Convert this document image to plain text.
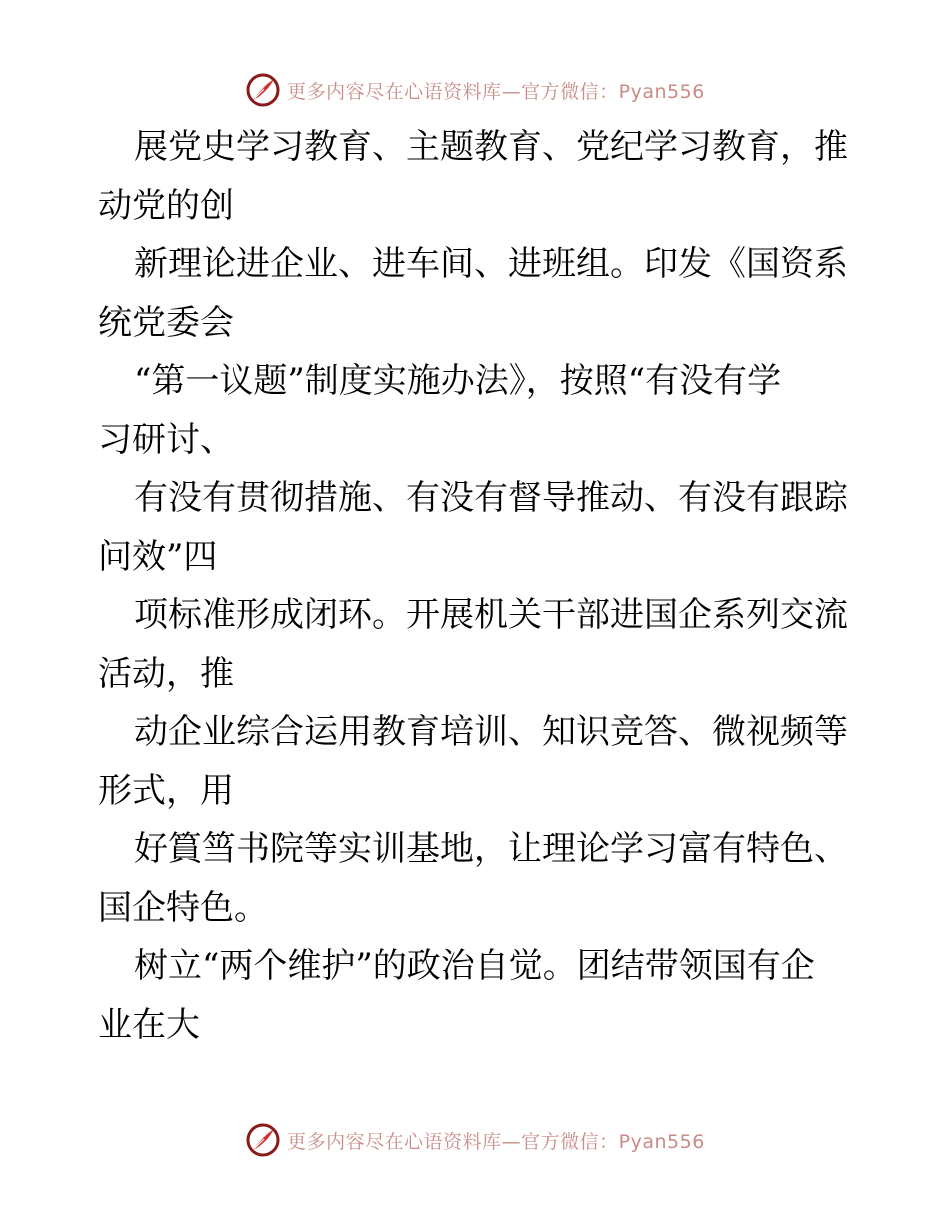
更多内容尽在心语资料库—官方微信：Pyan556

展党史学习教育、主题教育、党纪学习教育，推

动党的创

新理论进企业、进车间、进班组。印发《国资系

统党委会

“第一议题”制度实施办法》，按照“有没有学

习研讨、

有没有贯彻措施、有没有督导推动、有没有跟踪

问效”四

项标准形成闭环。开展机关干部进国企系列交流

活动，推

动企业综合运用教育培训、知识竞答、微视频等

形式，用

好篔筜书院等实训基地，让理论学习富有特色、

国企特色。

树立“两个维护”的政治自觉。团结带领国有企

业在大

更多内容尽在心语资料库—官方微信：Pyan556
